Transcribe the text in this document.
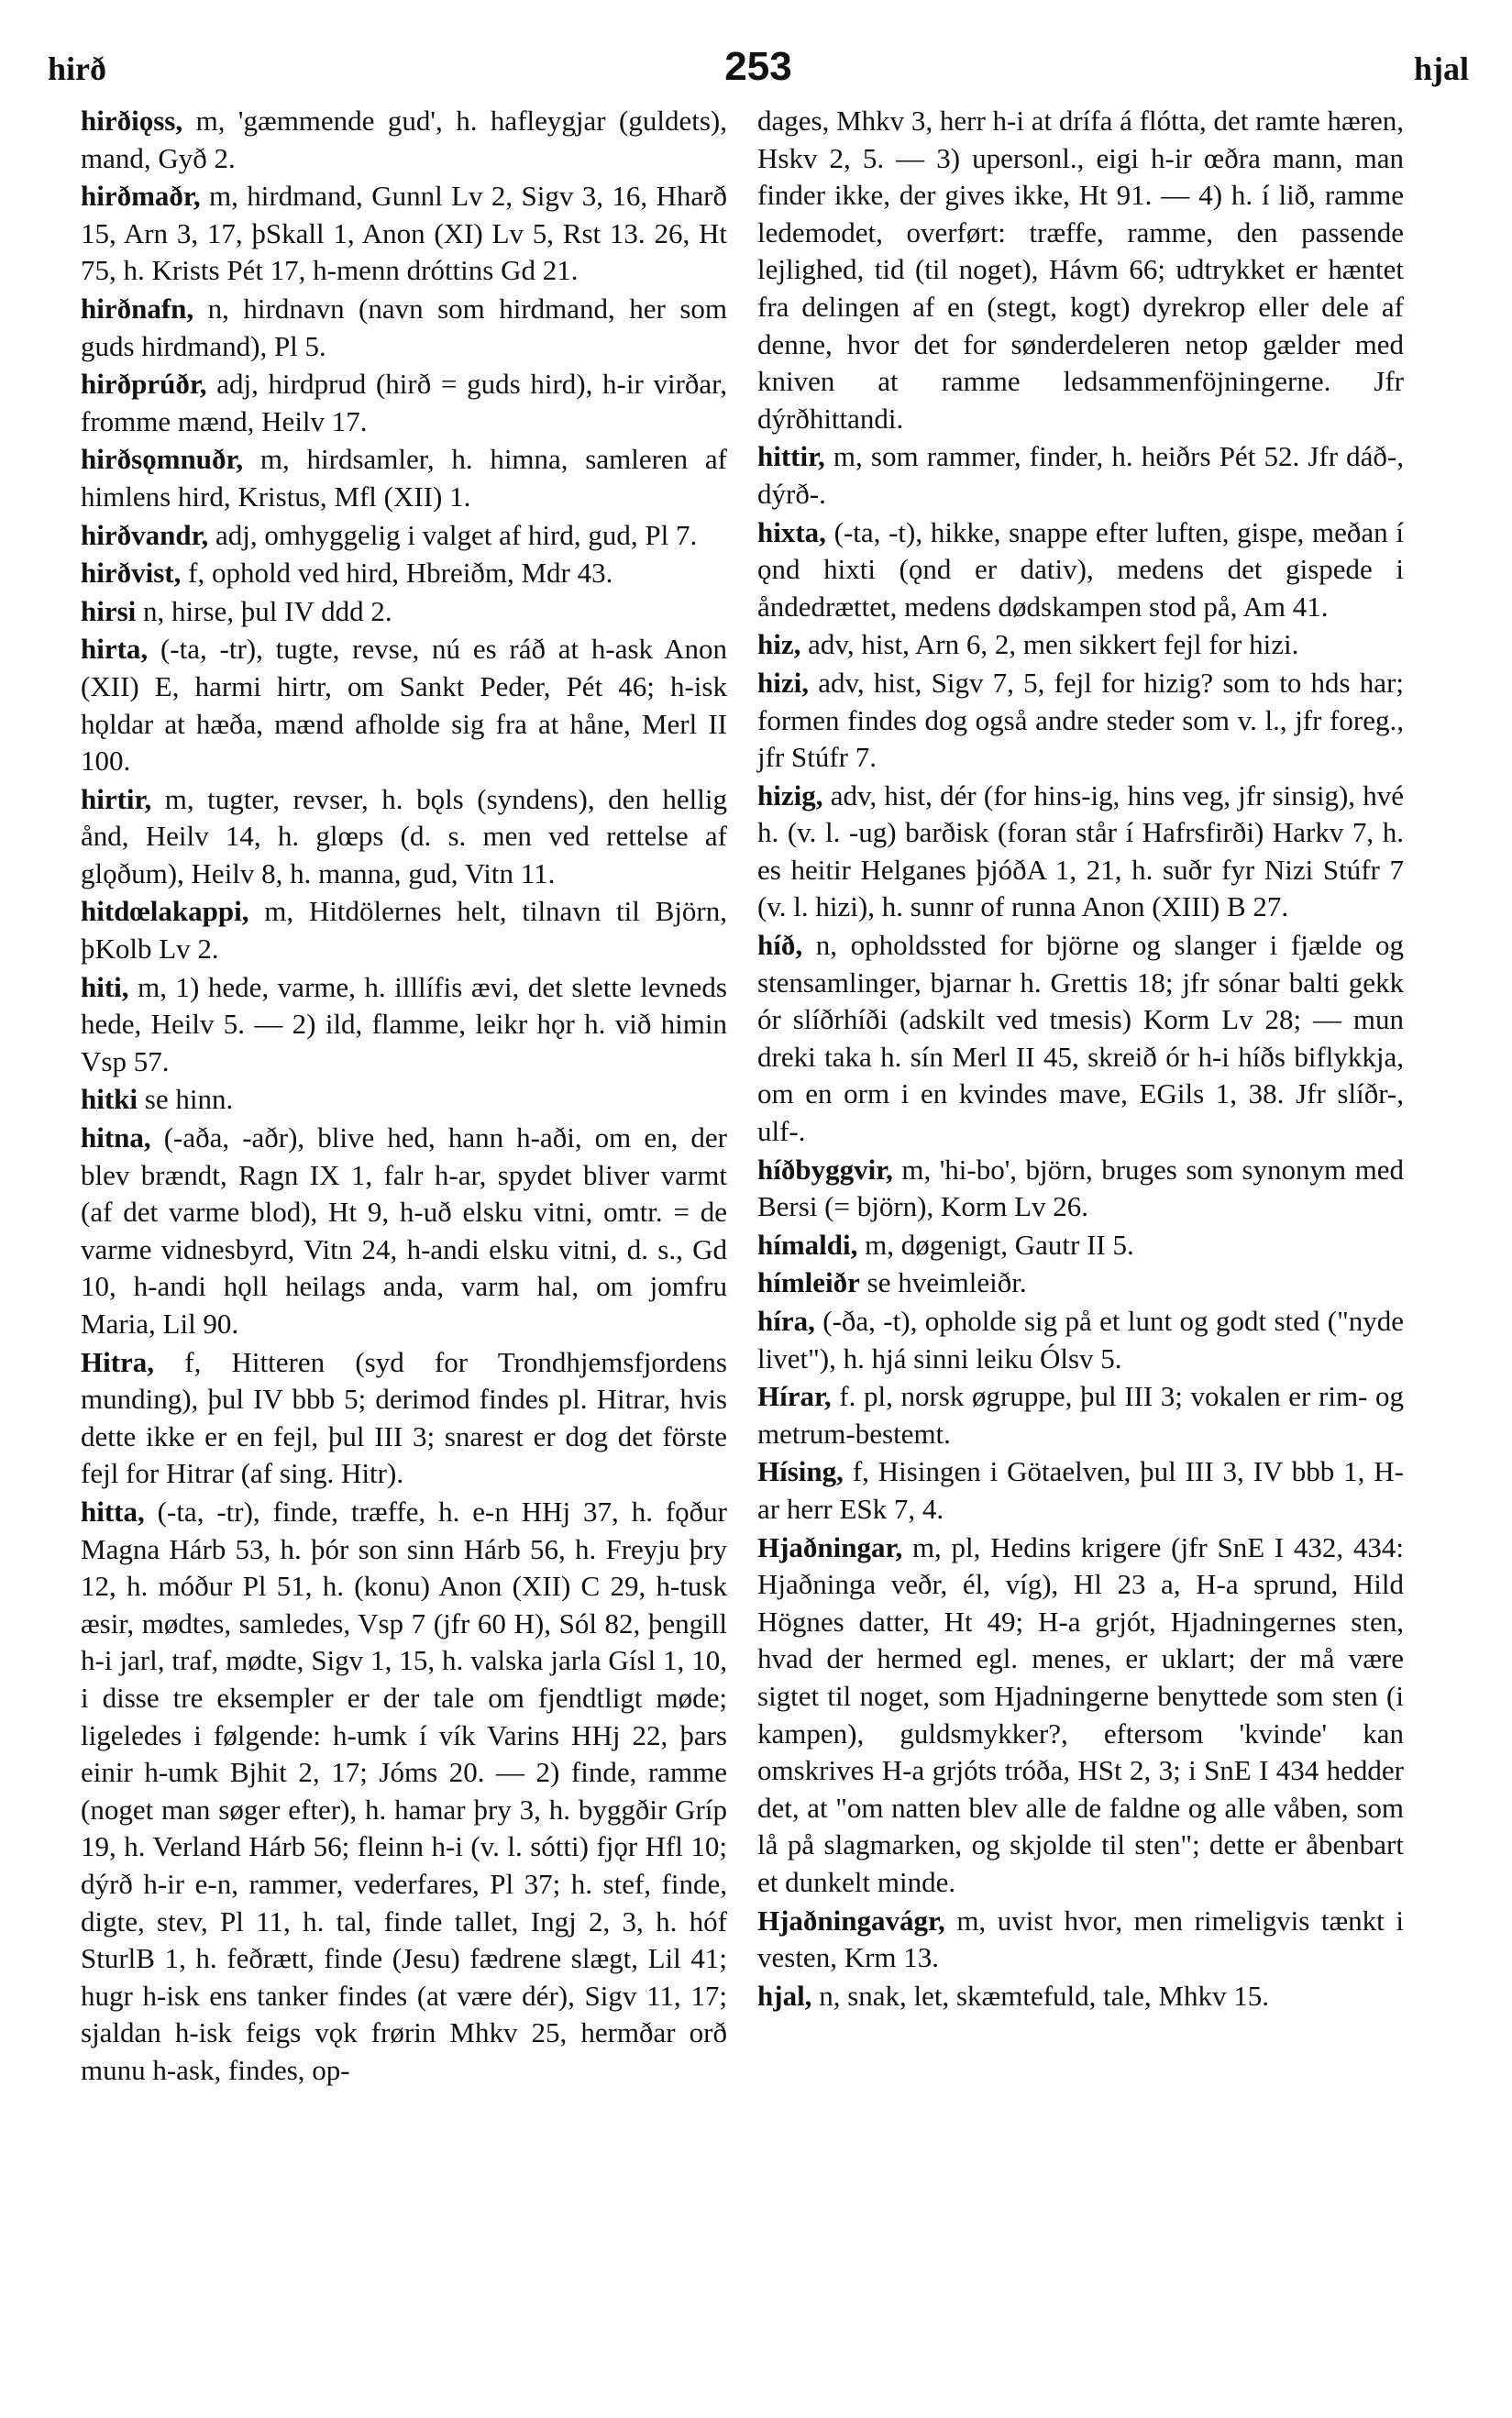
hirð	253	hjal

hirðiǫss, m, 'gæmmende gud', h. hafleygjar (guldets), mand, Gyð 2.

hirðmaðr, m, hirdmand, Gunnl Lv 2, Sigv 3, 16, Hharð 15, Arn 3, 17, þSkall 1, Anon (XI) Lv 5, Rst 13. 26, Ht 75, h. Krists Pét 17, h-menn dróttins Gd 21.

hirðnafn, n, hirdnavn (navn som hirdmand, her som guds hirdmand), Pl 5.

hirðprúðr, adj, hirdprud (hirð = guds hird), h-ir virðar, fromme mænd, Heilv 17.

hirðsǫmnuðr, m, hirdsamler, h. himna, samleren af himlens hird, Kristus, Mfl (XII) 1.

hirðvandr, adj, omhyggelig i valget af hird, gud, Pl 7.

hirðvist, f, ophold ved hird, Hbreiðm, Mdr 43.

hirsi n, hirse, þul IV ddd 2.

hirta, (-ta, -tr), tugte, revse, nú es ráð at h-ask Anon (XII) E, harmi hirtr, om Sankt Peder, Pét 46; h-isk hǫldar at hæða, mænd afholde sig fra at håne, Merl II 100.

hirtir, m, tugter, revser, h. bǫls (syndens), den hellig ånd, Heilv 14, h. glœps (d. s. men ved rettelse af glǫðum), Heilv 8, h. manna, gud, Vitn 11.

hitdœlakappi, m, Hitdölernes helt, tilnavn til Björn, þKolb Lv 2.

hiti, m, 1) hede, varme, h. illlífis ævi, det slette levneds hede, Heilv 5. — 2) ild, flamme, leikr hǫr h. við himin Vsp 57.

hitki se hinn.

hitna, (-aða, -aðr), blive hed, hann h-aði, om en, der blev brændt, Ragn IX 1, falr h-ar, spydet bliver varmt (af det varme blod), Ht 9, h-uð elsku vitni, omtr. = de varme vidnesbyrd, Vitn 24, h-andi elsku vitni, d. s., Gd 10, h-andi hǫll heilags anda, varm hal, om jomfru Maria, Lil 90.

Hitra, f, Hitteren (syd for Trondhjemsfjordens munding), þul IV bbb 5; derimod findes pl. Hitrar, hvis dette ikke er en fejl, þul III 3; snarest er dog det förste fejl for Hitrar (af sing. Hitr).

hitta, (-ta, -tr), finde, træffe, h. e-n HHj 37, h. fǫður Magna Hárb 53, h. þór son sinn Hárb 56, h. Freyju þry 12, h. móður Pl 51, h. (konu) Anon (XII) C 29, h-tusk æsir, mødtes, samledes, Vsp 7 (jfr 60 H), Sól 82, þengill h-i jarl, traf, mødte, Sigv 1, 15, h. valska jarla Gísl 1, 10, i disse tre eksempler er der tale om fjendtligt møde; ligeledes i følgende: h-umk í vík Varins HHj 22, þars einir h-umk Bjhit 2, 17; Jóms 20. — 2) finde, ramme (noget man søger efter), h. hamar þry 3, h. byggðir Gríp 19, h. Verland Hárb 56; fleinn h-i (v. l. sótti) fjǫr Hfl 10; dýrð h-ir e-n, rammer, vederfares, Pl 37; h. stef, finde, digte, stev, Pl 11, h. tal, finde tallet, Ingj 2, 3, h. hóf SturlB 1, h. feðrætt, finde (Jesu) fædrene slægt, Lil 41; hugr h-isk ens tanker findes (at være dér), Sigv 11, 17; sjaldan h-isk feigs vǫk frørin Mhkv 25, hermðar orð munu h-ask, findes, op-

dages, Mhkv 3, herr h-i at drífa á flótta, det ramte hæren, Hskv 2, 5. — 3) upersonl., eigi h-ir œðra mann, man finder ikke, der gives ikke, Ht 91. — 4) h. í lið, ramme ledemodet, overført: træffe, ramme, den passende lejlighed, tid (til noget), Hávm 66; udtrykket er hæntet fra delingen af en (stegt, kogt) dyrekrop eller dele af denne, hvor det for sønderdeleren netop gælder med kniven at ramme ledsammenföjningerne. Jfr dýrðhittandi.

hittir, m, som rammer, finder, h. heiðrs Pét 52. Jfr dáð-, dýrð-.

hixta, (-ta, -t), hikke, snappe efter luften, gispe, meðan í ǫnd hixti (ǫnd er dativ), medens det gispede i åndedrættet, medens dødskampen stod på, Am 41.

hiz, adv, hist, Arn 6, 2, men sikkert fejl for hizi.

hizi, adv, hist, Sigv 7, 5, fejl for hizig? som to hds har; formen findes dog også andre steder som v. l., jfr foreg., jfr Stúfr 7.

hizig, adv, hist, dér (for hins-ig, hins veg, jfr sinsig), hvé h. (v. l. -ug) barðisk (foran står í Hafrsfirði) Harkv 7, h. es heitir Helganes þjóðA 1, 21, h. suðr fyr Nizi Stúfr 7 (v. l. hizi), h. sunnr of runna Anon (XIII) B 27.

híð, n, opholdssted for björne og slanger i fjælde og stensamlinger, bjarnar h. Grettis 18; jfr sónar balti gekk ór slíðrhíði (adskilt ved tmesis) Korm Lv 28; — mun dreki taka h. sín Merl II 45, skreið ór h-i híðs biflykkja, om en orm i en kvindes mave, EGils 1, 38. Jfr slíðr-, ulf-.

híðbyggvir, m, 'hi-bo', björn, bruges som synonym med Bersi (= björn), Korm Lv 26.

hímaldi, m, døgenigt, Gautr II 5.

hímleiðr se hveimleiðr.

híra, (-ða, -t), opholde sig på et lunt og godt sted ("nyde livet"), h. hjá sinni leiku Ólsv 5.

Hírar, f. pl, norsk øgruppe, þul III 3; vokalen er rim- og metrum-bestemt.

Hísing, f, Hisingen i Götaelven, þul III 3, IV bbb 1, H-ar herr ESk 7, 4.

Hjaðningar, m, pl, Hedins krigere (jfr SnE I 432, 434: Hjaðninga veðr, él, víg), Hl 23 a, H-a sprund, Hild Högnes datter, Ht 49; H-a grjót, Hjadningernes sten, hvad der hermed egl. menes, er uklart; der må være sigtet til noget, som Hjadningerne benyttede som sten (i kampen), guldsmykker?, eftersom 'kvinde' kan omskrives H-a grjóts tróða, HSt 2, 3; i SnE I 434 hedder det, at "om natten blev alle de faldne og alle våben, som lå på slagmarken, og skjolde til sten"; dette er åbenbart et dunkelt minde.

Hjaðningavágr, m, uvist hvor, men rimeligvis tænkt i vesten, Krm 13.

hjal, n, snak, let, skæmtefuld, tale, Mhkv 15.
